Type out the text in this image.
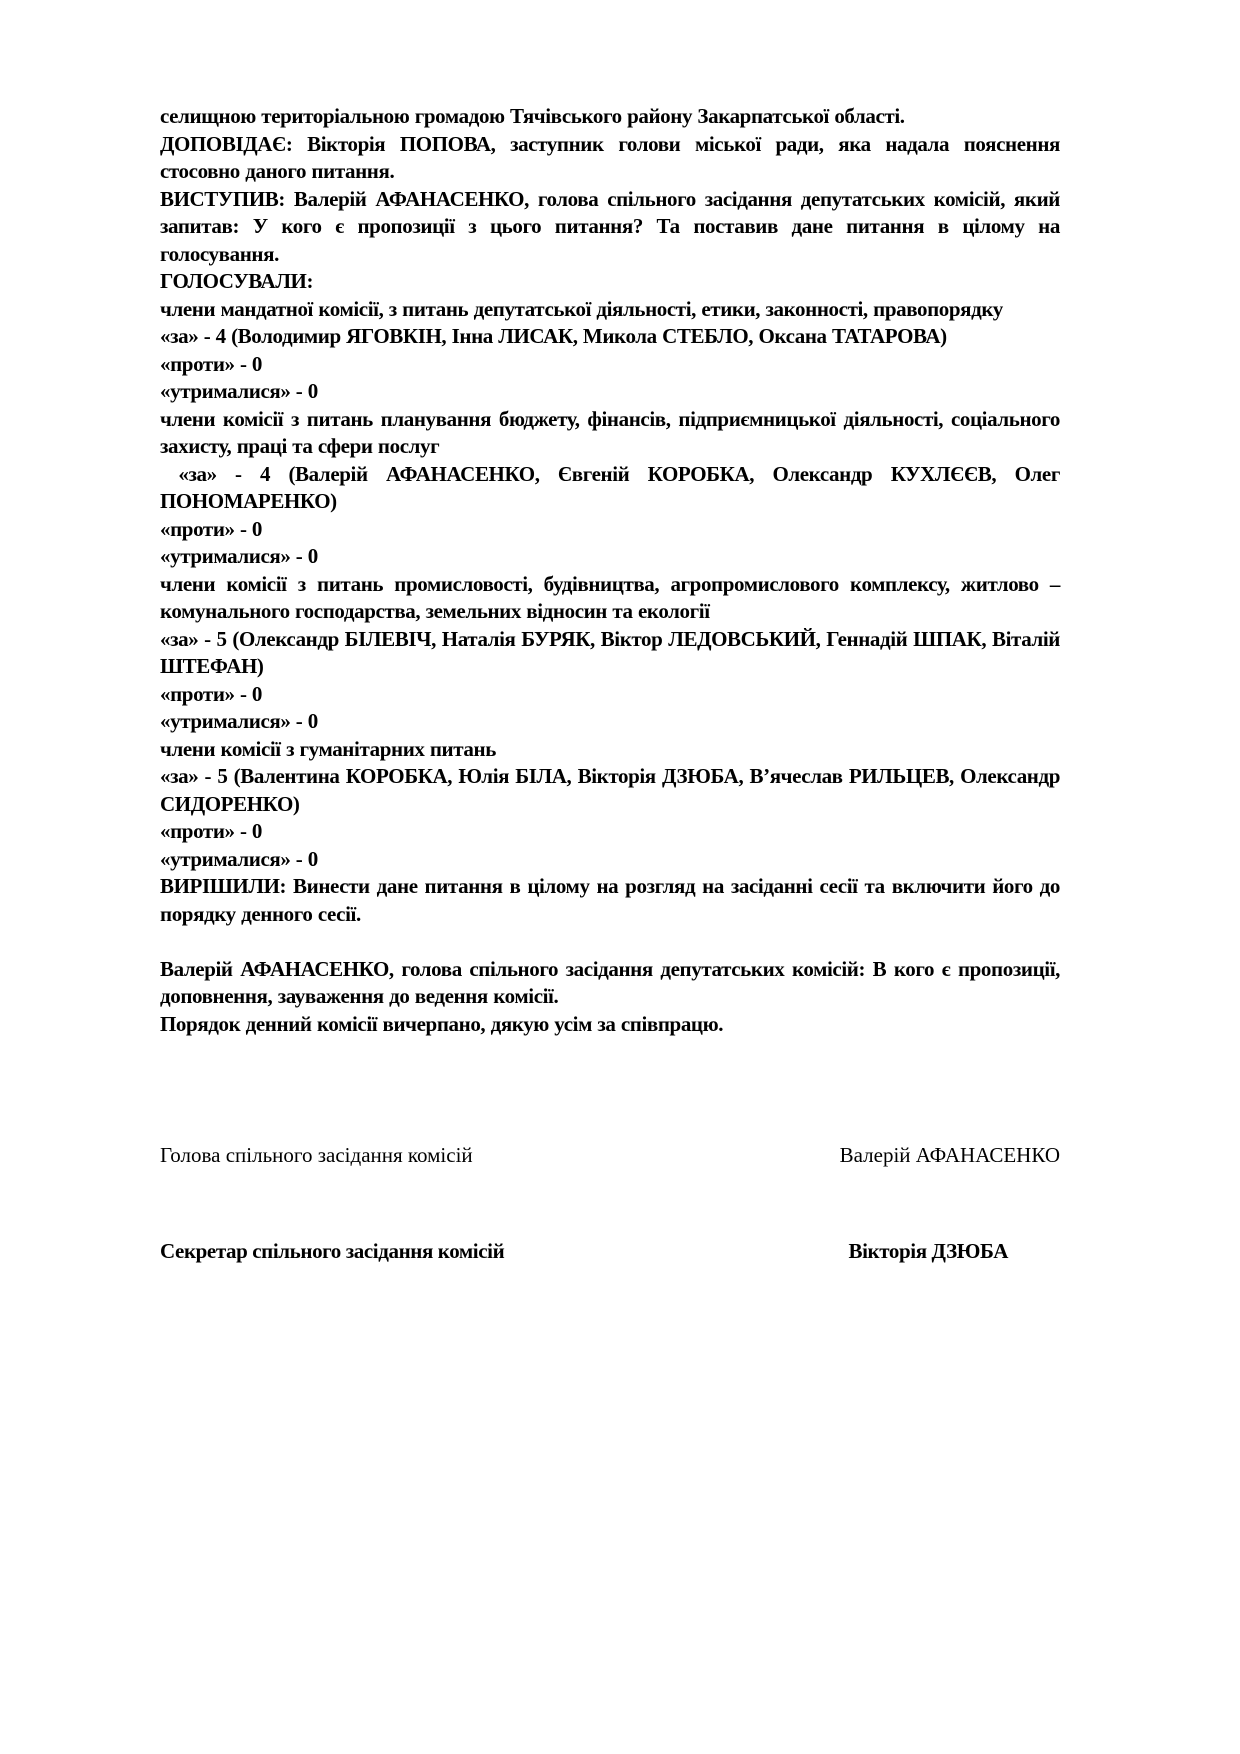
селищною територіальною громадою Тячівського району Закарпатської області.

ДОПОВІДАЄ: Вікторія ПОПОВА, заступник голови міської ради, яка надала пояснення стосовно даного питання.

ВИСТУПИВ: Валерій АФАНАСЕНКО, голова спільного засідання депутатських комісій, який запитав: У кого є пропозиції з цього питання? Та поставив дане питання в цілому на голосування.

ГОЛОСУВАЛИ:

члени мандатної комісії, з питань депутатської діяльності, етики, законності, правопорядку

«за» - 4 (Володимир ЯГОВКІН, Інна ЛИСАК, Микола СТЕБЛО, Оксана ТАТАРОВА)

«проти» - 0

«утрималися» - 0

члени комісії з питань планування бюджету, фінансів, підприємницької діяльності, соціального захисту, праці та сфери послуг

«за» - 4 (Валерій АФАНАСЕНКО, Євгеній КОРОБКА, Олександр КУХЛЄЄВ, Олег ПОНОМАРЕНКО)

«проти» - 0

«утрималися» - 0

члени комісії з питань промисловості, будівництва, агропромислового комплексу, житлово – комунального господарства, земельних відносин та екології

«за» - 5 (Олександр БІЛЕВІЧ, Наталія БУРЯК, Віктор ЛЕДОВСЬКИЙ, Геннадій ШПАК, Віталій ШТЕФАН)

«проти» - 0

«утрималися» - 0

члени комісії з гуманітарних питань

«за» - 5 (Валентина КОРОБКА, Юлія БІЛА, Вікторія ДЗЮБА, В’ячеслав РИЛЬЦЕВ, Олександр СИДОРЕНКО)

«проти» - 0

«утрималися» - 0

ВИРІШИЛИ: Винести дане питання в цілому на розгляд на засіданні сесії та включити його до порядку денного сесії.

Валерій АФАНАСЕНКО, голова спільного засідання депутатських комісій: В кого є пропозиції, доповнення, зауваження до ведення комісії.

Порядок денний комісії вичерпано, дякую усім за співпрацю.

Голова спільного засідання комісій	Валерій АФАНАСЕНКО
Секретар спільного засідання комісій	Вікторія ДЗЮБА
